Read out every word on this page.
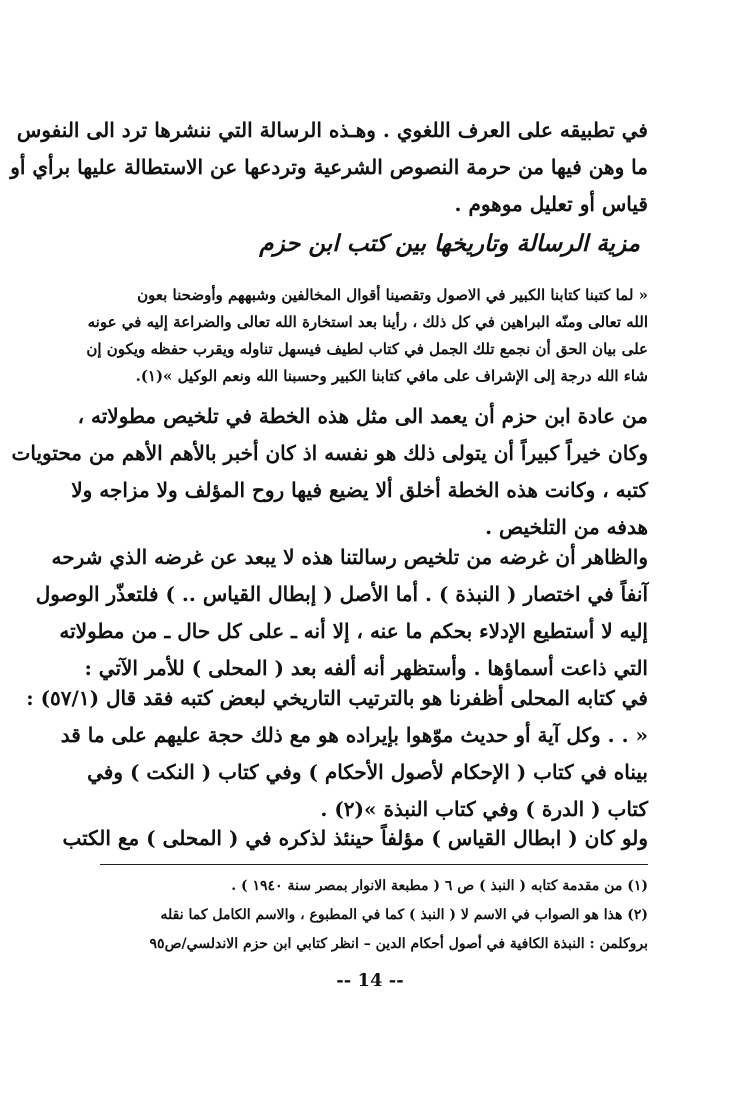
في تطبيقه على العرف اللغوي . وهـذه الرسالة التي ننشرها ترد الى النفوس
ما وهن فيها من حرمة النصوص الشرعية وتردعها عن الاستطالة عليها برأي أو
قياس أو تعليل موهوم .
مزية الرسالة وتاريخها بين كتب ابن حزم
« لما كتبنا كتابنا الكبير في الاصول وتقصينا أقوال المخالفين وشبههم وأوضحنا بعون
الله تعالى ومنّه البراهين في كل ذلك ، رأينا بعد استخارة الله تعالى والضراعة إليه في عونه
على بيان الحق أن نجمع تلك الجمل في كتاب لطيف فيسهل تناوله ويقرب حفظه ويكون إن
شاء الله درجة إلى الإشراف على مافي كتابنا الكبير وحسبنا الله ونعم الوكيل »(١).
من عادة ابن حزم أن يعمد الى مثل هذه الخطة في تلخيص مطولاته ،
وكان خيراً كبيراً أن يتولى ذلك هو نفسه اذ كان أخبر بالأهم الأهم من محتويات
كتبه ، وكانت هذه الخطة أخلق ألا يضيع فيها روح المؤلف ولا مزاجه ولا
هدفه من التلخيص .
والظاهر أن غرضه من تلخيص رسالتنا هذه لا يبعد عن غرضه الذي شرحه
آنفاً في اختصار ( النبذة ) . أما الأصل ( إبطال القياس .. ) فلتعذّر الوصول
إليه لا أستطيع الإدلاء بحكم ما عنه ، إلا أنه ـ على كل حال ـ من مطولاته
التي ذاعت أسماؤها . وأستظهر أنه ألفه بعد ( المحلى ) للأمر الآتي :
في كتابه المحلى أظفرنا هو بالترتيب التاريخي لبعض كتبه فقد قال (٥٧/١) :
« . . وكل آية أو حديث موّهوا بإيراده هو مع ذلك حجة عليهم على ما قد
بيناه في كتاب ( الإحكام لأصول الأحكام ) وفي كتاب ( النكت ) وفي
كتاب ( الدرة ) وفي كتاب النبذة »(٢) .
ولو كان ( ابطال القياس ) مؤلفاً حينئذ لذكره في ( المحلى ) مع الكتب
(١) من مقدمة كتابه ( النبذ ) ص ٦ ( مطبعة الانوار بمصر سنة ١٩٤٠ ) .
(٢) هذا هو الصواب في الاسم لا ( النبذ ) كما في المطبوع ، والاسم الكامل كما نقله
بروكلمن : النبذة الكافية في أصول أحكام الدين – انظر كتابي ابن حزم الاندلسي/ص٩٥
-- 14 --
